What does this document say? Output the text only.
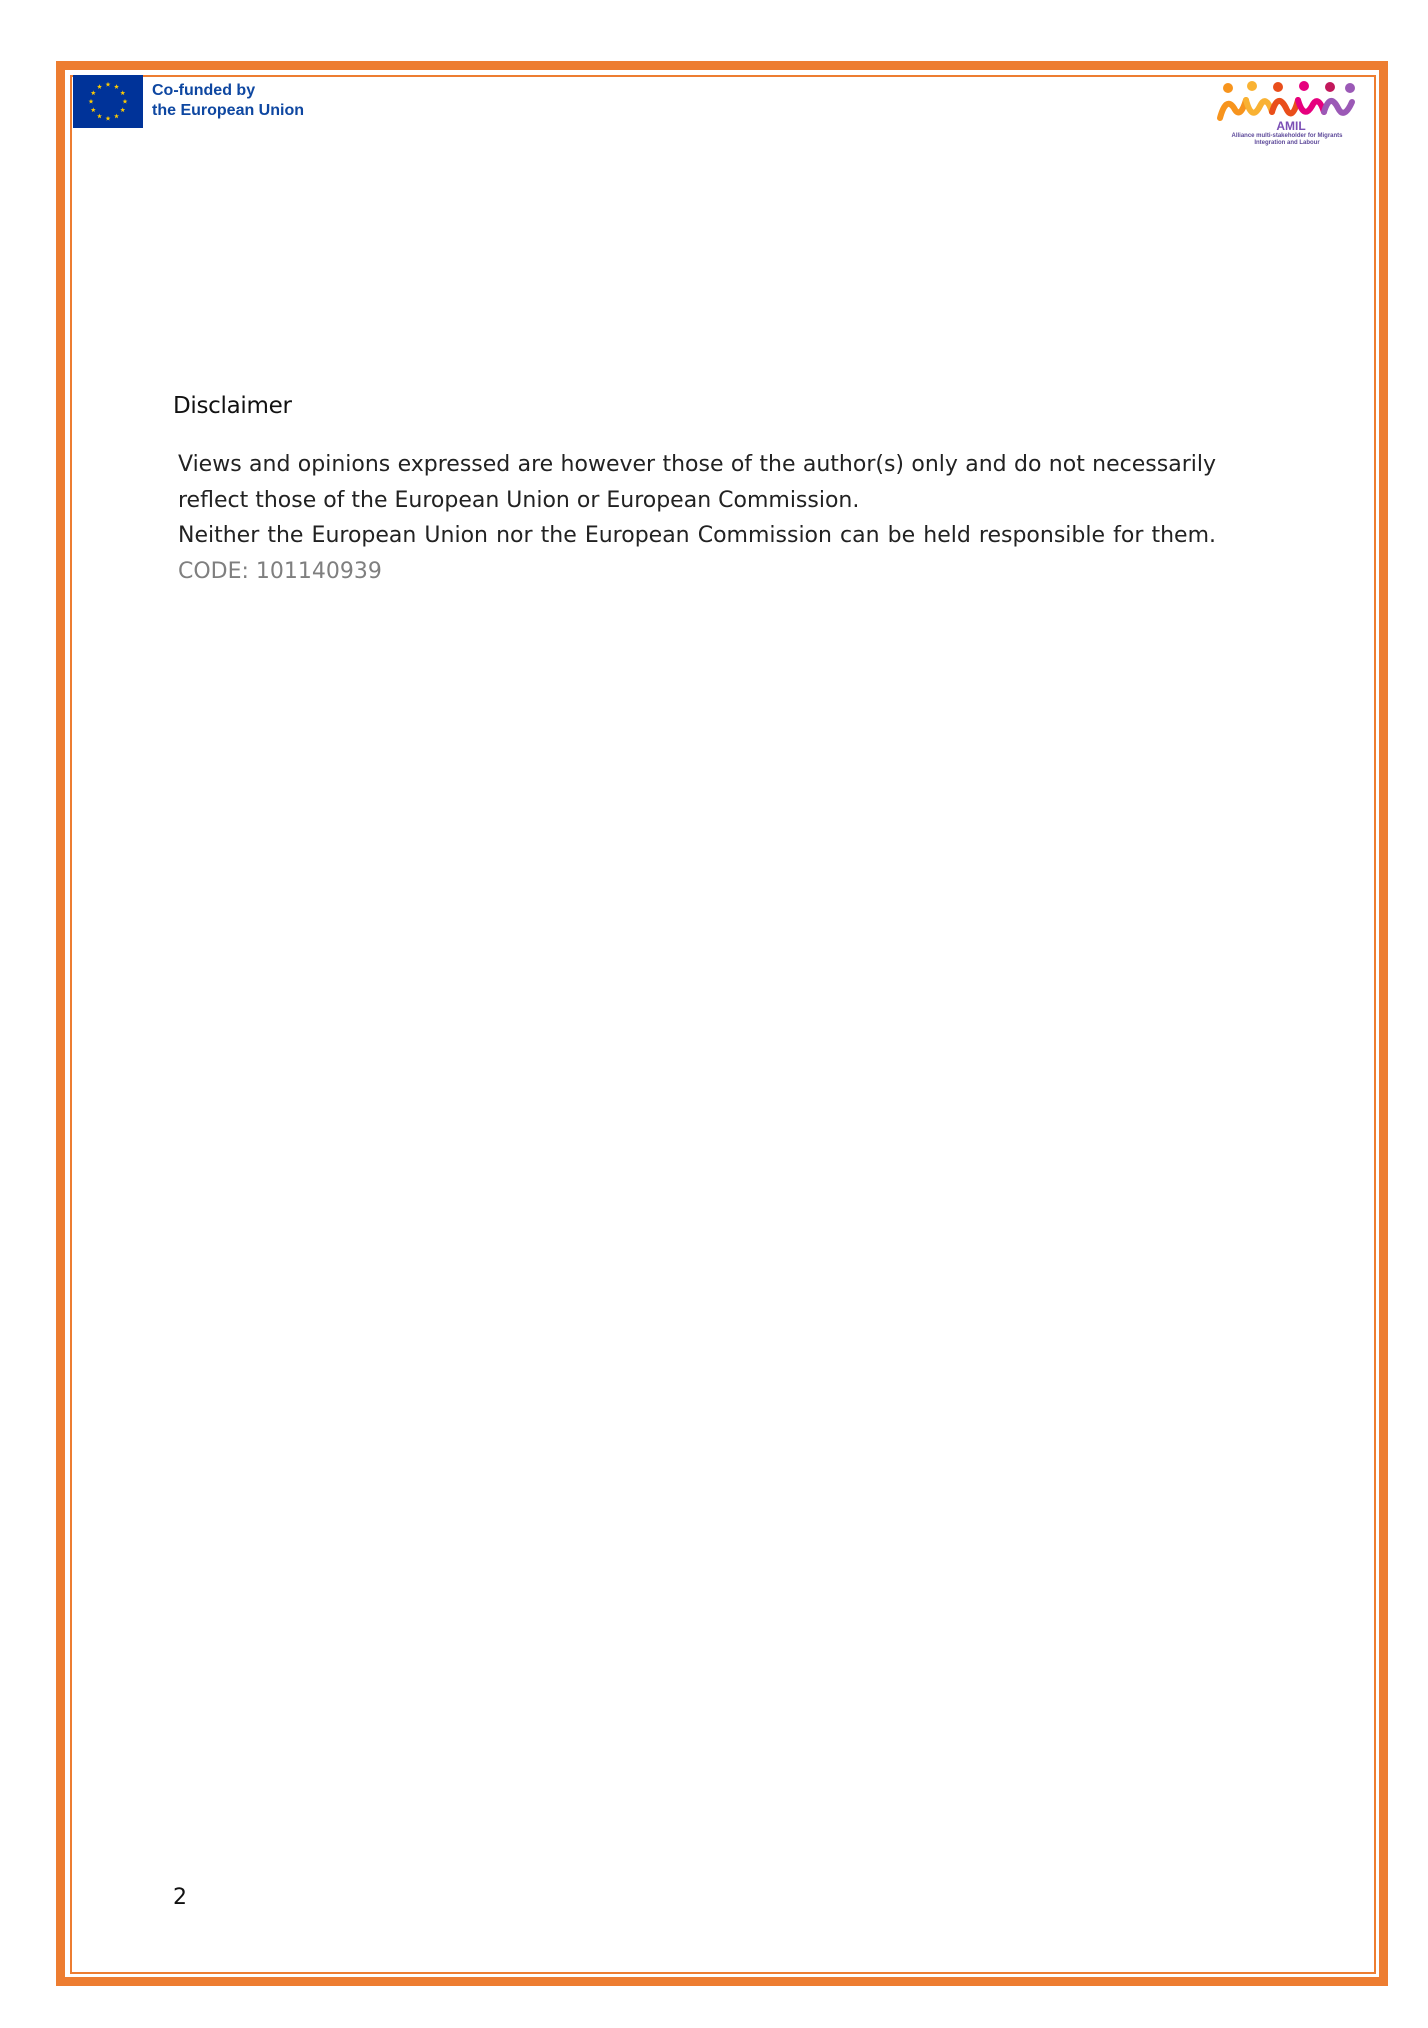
Co-funded by
the European Union
AMIL
Alliance multi-stakeholder for Migrants
Integration and Labour
Disclaimer

Views and opinions expressed are however those of the author(s) only and do not necessarily reflect those of the European Union or European Commission.
Neither the European Union nor the European Commission can be held responsible for them. CODE: 101140939

2
